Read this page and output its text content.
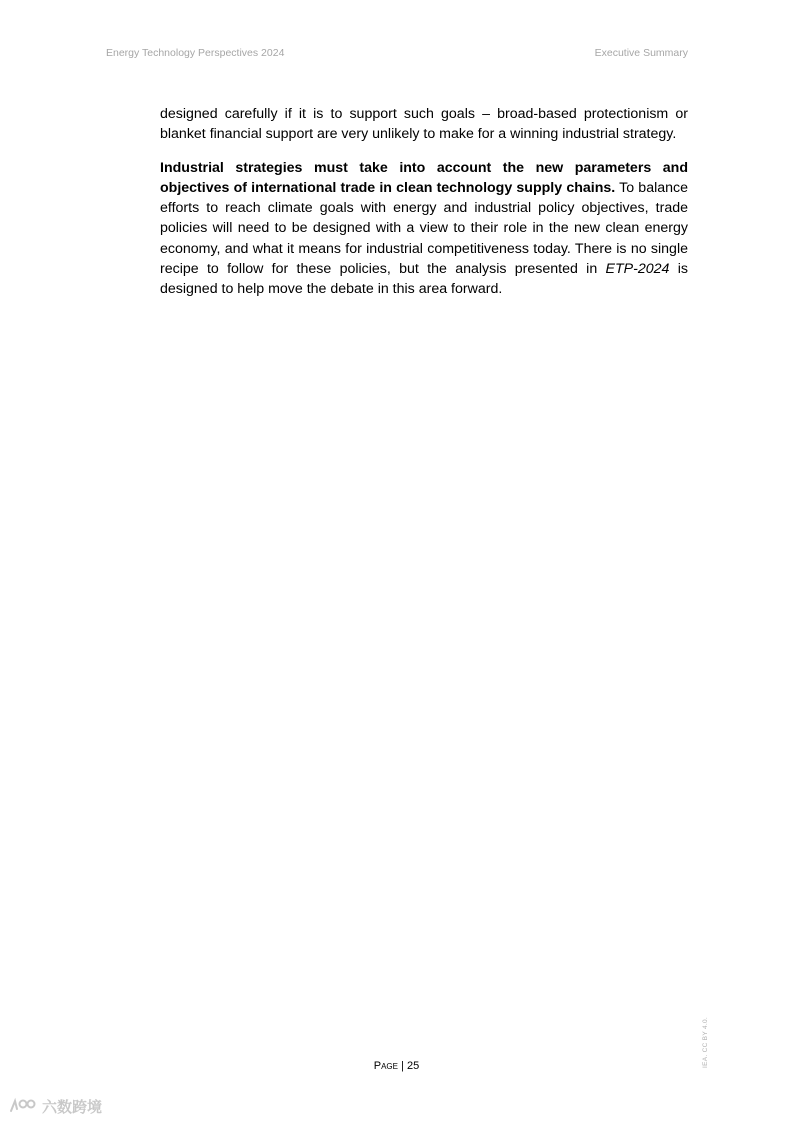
Energy Technology Perspectives 2024	Executive Summary

designed carefully if it is to support such goals – broad-based protectionism or blanket financial support are very unlikely to make for a winning industrial strategy.

Industrial strategies must take into account the new parameters and objectives of international trade in clean technology supply chains. To balance efforts to reach climate goals with energy and industrial policy objectives, trade policies will need to be designed with a view to their role in the new clean energy economy, and what it means for industrial competitiveness today. There is no single recipe to follow for these policies, but the analysis presented in ETP-2024 is designed to help move the debate in this area forward.

IEA. CC BY 4.0.
PAGE | 25
六数跨境
